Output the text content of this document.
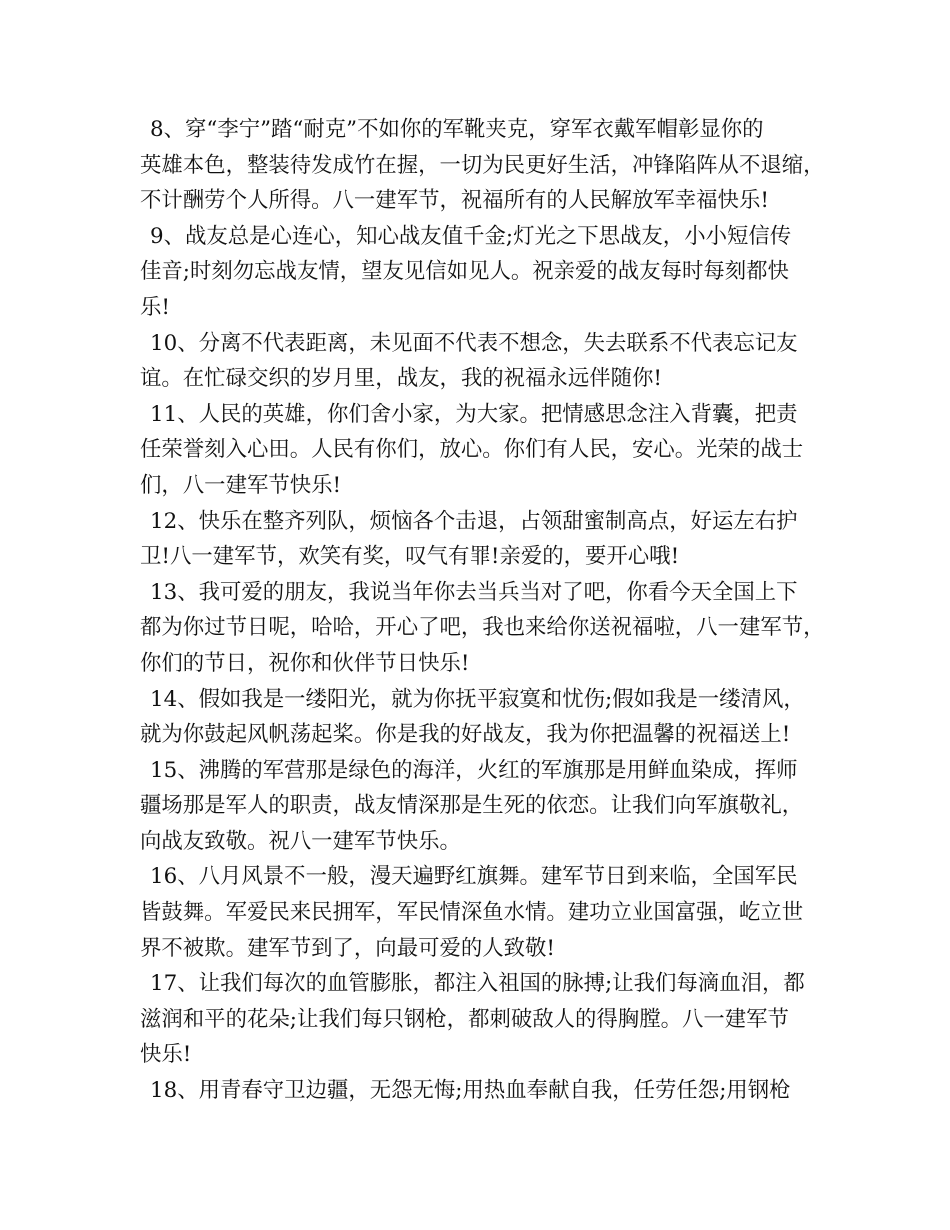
8、穿“李宁”踏“耐克”不如你的军靴夹克，穿军衣戴军帽彰显你的
英雄本色，整装待发成竹在握，一切为民更好生活，冲锋陷阵从不退缩，
不计酬劳个人所得。八一建军节，祝福所有的人民解放军幸福快乐!

9、战友总是心连心，知心战友值千金;灯光之下思战友，小小短信传
佳音;时刻勿忘战友情，望友见信如见人。祝亲爱的战友每时每刻都快
乐!

10、分离不代表距离，未见面不代表不想念，失去联系不代表忘记友
谊。在忙碌交织的岁月里，战友，我的祝福永远伴随你!

11、人民的英雄，你们舍小家，为大家。把情感思念注入背囊，把责
任荣誉刻入心田。人民有你们，放心。你们有人民，安心。光荣的战士
们，八一建军节快乐!

12、快乐在整齐列队，烦恼各个击退，占领甜蜜制高点，好运左右护
卫!八一建军节，欢笑有奖，叹气有罪!亲爱的，要开心哦!

13、我可爱的朋友，我说当年你去当兵当对了吧，你看今天全国上下
都为你过节日呢，哈哈，开心了吧，我也来给你送祝福啦，八一建军节，
你们的节日，祝你和伙伴节日快乐!

14、假如我是一缕阳光，就为你抚平寂寞和忧伤;假如我是一缕清风，
就为你鼓起风帆荡起桨。你是我的好战友，我为你把温馨的祝福送上!

15、沸腾的军营那是绿色的海洋，火红的军旗那是用鲜血染成，挥师
疆场那是军人的职责，战友情深那是生死的依恋。让我们向军旗敬礼，
向战友致敬。祝八一建军节快乐。

16、八月风景不一般，漫天遍野红旗舞。建军节日到来临，全国军民
皆鼓舞。军爱民来民拥军，军民情深鱼水情。建功立业国富强，屹立世
界不被欺。建军节到了，向最可爱的人致敬!

17、让我们每次的血管膨胀，都注入祖国的脉搏;让我们每滴血泪，都
滋润和平的花朵;让我们每只钢枪，都刺破敌人的得胸膛。八一建军节
快乐!

18、用青春守卫边疆，无怨无悔;用热血奉献自我，任劳任怨;用钢枪
